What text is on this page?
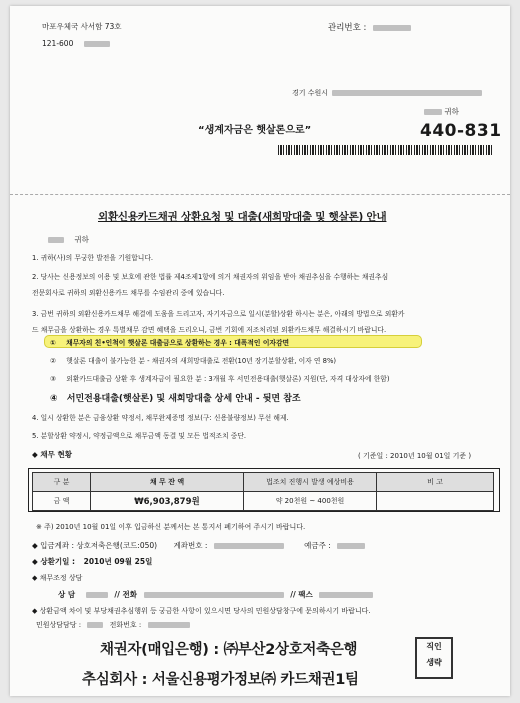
마포우체국 사서함 73호
121-600
관리번호 :
경기 수원시
귀하
“생계자금은 햇살론으로”	440-831
외환신용카드채권 상환요청 및 대출(새희망대출 및 햇살론) 안내
귀하
1. 귀하(사)의 무궁한 발전을 기원합니다.
2. 당사는 신용정보의 이용 및 보호에 관한 법률 제4조제1항에 의거 채권자의 위임을 받아 채권추심을 수행하는 채권추심
전문회사로 귀하의 외환신용카드 채무를 수임관리 중에 있습니다.
3. 금번 귀하의 외환신용카드채무 해결에 도움을 드리고자, 자기자금으로 일시(분할)상환 하시는 분은, 아래의 방법으로 외환카
드 채무금을 상환하는 경우 특별채무 감면 혜택을 드리오니, 금번 기회에 저조처리된 외환카드채무 해결하시기 바랍니다.
① 채무자의 친•인척이 햇살론 대출금으로 상환하는 경우 : 대폭적인 이자감면
② 햇살론 대출이 불가능한 분 - 채권자의 새희망대출로 전환(10년 장기분할상환, 이자 연 8%)
③ 외환카드대출금 상환 후 생계자금이 필요한 분 : 3개월 후 서민전용대출(햇살론) 지원(단, 자격 대상자에 한함)
④ 서민전용대출(햇살론) 및 새희망대출 상세 안내 - 뒷면 참조
4. 일시 상환한 분은 금융상환 약정서, 채무완제증명 정보(구: 신용불량정보) 무선 해제.
5. 분할상환 약정시, 약정금액으로 채무금액 동결 및 모든 법적조치 중단.
◆ 채무 현황	( 기준일 : 2010년 10월 01일 기준 )
구 분	채 무 잔 액	법조치 진행시 발생 예상비용	비 고
금 액	₩6,903,879원	약 20천원 ~ 400천원	
※ 주) 2010년 10월 01일 이후 입금하신 분께서는 본 통지서 폐기하여 주시기 바랍니다.
◆ 입금계좌 : 상호저축은행(코드:050) 계좌번호 :	예금주 :
◆ 상환기일 : 2010년 09월 25일
◆ 채무조정 상담
상 담	// 전화	// 팩스
◆ 상환금액 차이 및 부당채권추심행위 등 궁금한 사항이 있으시면 당사의 민원상담창구에 문의하시기 바랍니다.
민원상담담당 :	전화번호 :
채권자(매입은행) : ㈜부산2상호저축은행
추심회사 : 서울신용평가정보㈜ 카드채권1팀
직인
생략
